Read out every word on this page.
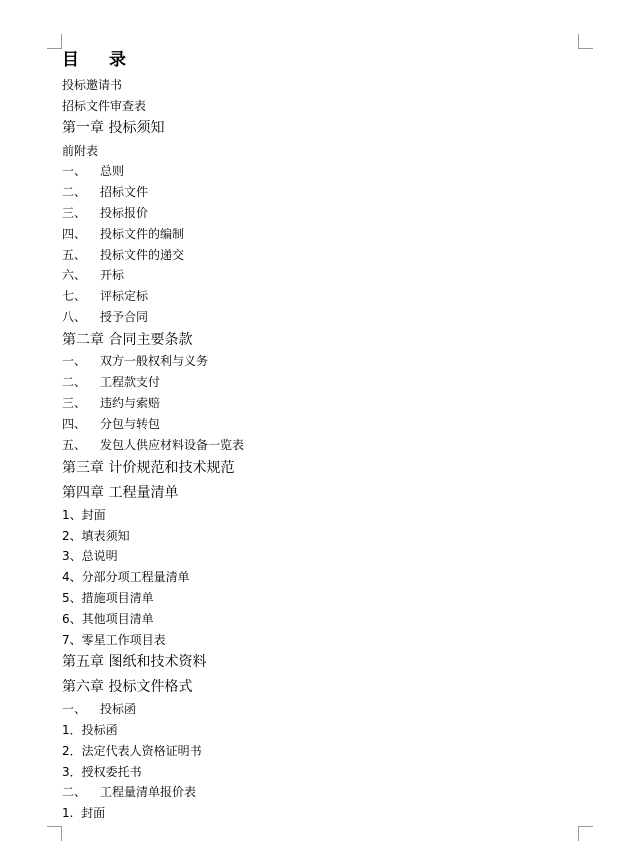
目 录
投标邀请书
招标文件审查表
第一章 投标须知
前附表
一、 总则
二、 招标文件
三、 投标报价
四、 投标文件的编制
五、 投标文件的递交
六、 开标
七、 评标定标
八、 授予合同
第二章 合同主要条款
一、 双方一般权利与义务
二、 工程款支付
三、 违约与索赔
四、 分包与转包
五、 发包人供应材料设备一览表
第三章 计价规范和技术规范
第四章 工程量清单
1、封面
2、填表须知
3、总说明
4、分部分项工程量清单
5、措施项目清单
6、其他项目清单
7、零星工作项目表
第五章 图纸和技术资料
第六章 投标文件格式
一、 投标函
1．投标函
2．法定代表人资格证明书
3．授权委托书
二、 工程量清单报价表
1.  封面
